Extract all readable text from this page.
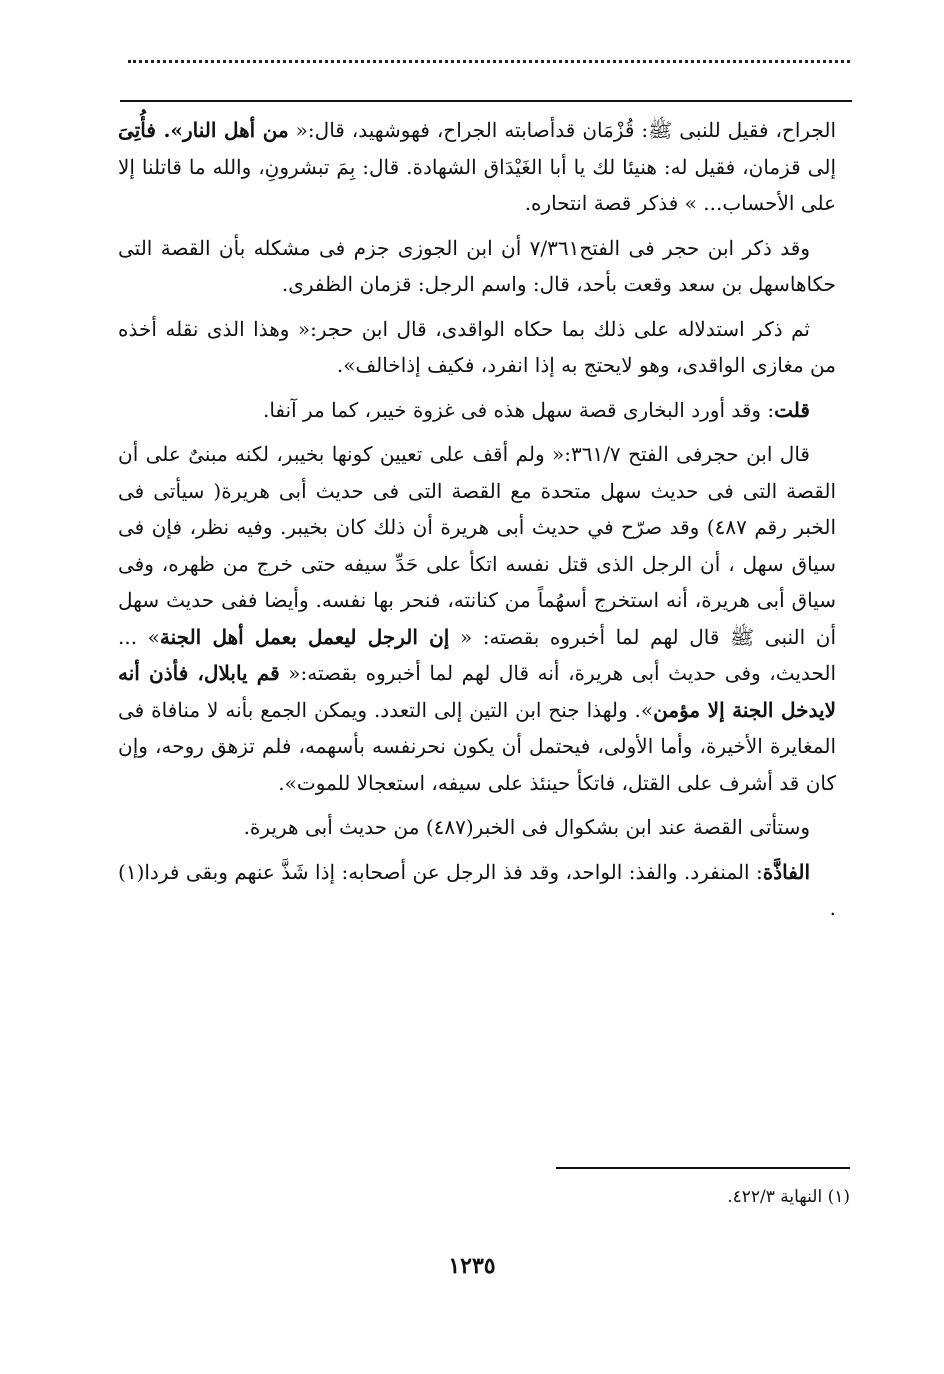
الجراح، فقيل للنبى ﷺ: قُزْمَان قدأصابته الجراح، فهوشهيد، قال:« من أهل النار». فأُتِىَ إلى قزمان، فقيل له: هنيئا لك يا أبا الغَيْدَاق الشهادة. قال: بِمَ تبشرونِ، والله ما قاتلنا إلا على الأحساب... » فذكر قصة انتحاره.

وقد ذكر ابن حجر فى الفتح٧/٣٦١ أن ابن الجوزى جزم فى مشكله بأن القصة التى حكاهاسهل بن سعد وقعت بأحد، قال: واسم الرجل: قزمان الظفرى.

ثم ذكر استدلاله على ذلك بما حكاه الواقدى، قال ابن حجر:« وهذا الذى نقله أخذه من مغازى الواقدى، وهو لايحتج به إذا انفرد، فكيف إذاخالف».

قلت: وقد أورد البخارى قصة سهل هذه فى غزوة خيبر، كما مر آنفا.

قال ابن حجرفى الفتح ٣٦١/٧:« ولم أقف على تعيين كونها بخيبر، لكنه مبنىٌ على أن القصة التى فى حديث سهل متحدة مع القصة التى فى حديث أبى هريرة( سيأتى فى الخبر رقم ٤٨٧) وقد صرّح في حديث أبى هريرة أن ذلك كان بخيبر. وفيه نظر، فإن فى سياق سهل ، أن الرجل الذى قتل نفسه اتكأ على حَدِّ سيفه حتى خرج من ظهره، وفى سياق أبى هريرة، أنه استخرج أسهُماً من كنانته، فنحر بها نفسه. وأيضا ففى حديث سهل أن النبى ﷺ قال لهم لما أخبروه بقصته: « إن الرجل ليعمل بعمل أهل الجنة» ... الحديث، وفى حديث أبى هريرة، أنه قال لهم لما أخبروه بقصته:« قم يابلال، فأذن أنه لايدخل الجنة إلا مؤمن». ولهذا جنح ابن التين إلى التعدد. ويمكن الجمع بأنه لا منافاة فى المغايرة الأخيرة، وأما الأولى، فيحتمل أن يكون نحرنفسه بأسهمه، فلم تزهق روحه، وإن كان قد أشرف على القتل، فاتكأ حينئذ على سيفه، استعجالا للموت».

وستأتى القصة عند ابن بشكوال فى الخبر(٤٨٧) من حديث أبى هريرة.

الفاذَّة: المنفرد. والفذ: الواحد، وقد فذ الرجل عن أصحابه: إذا شَذَّ عنهم وبقى فردا(١) .

(١) النهاية ٤٢٢/٣.
١٢٣٥
